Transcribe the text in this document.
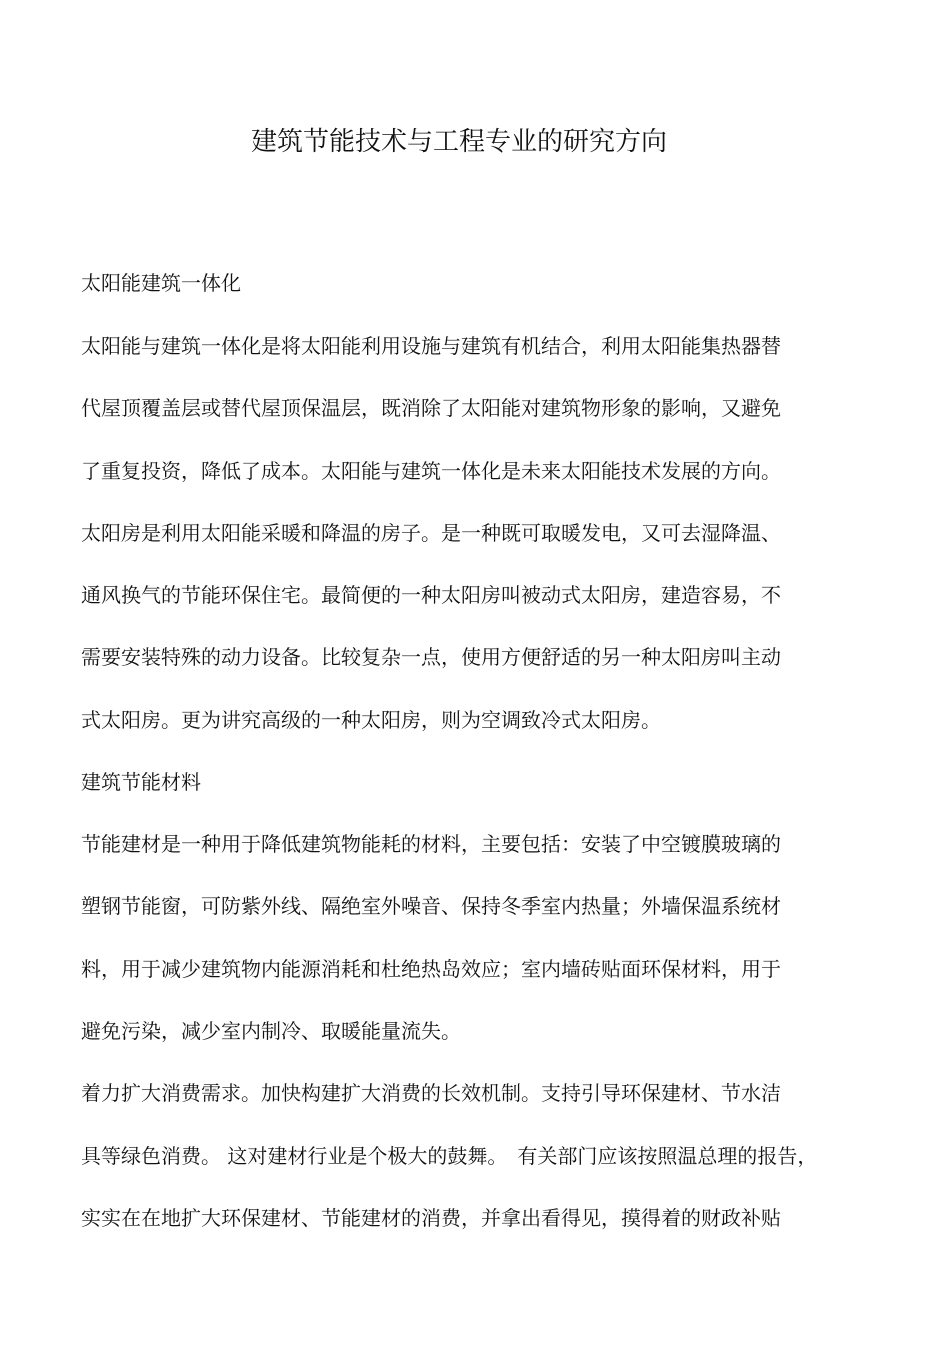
建筑节能技术与工程专业的研究方向
太阳能建筑一体化
太阳能与建筑一体化是将太阳能利用设施与建筑有机结合，利用太阳能集热器替
代屋顶覆盖层或替代屋顶保温层，既消除了太阳能对建筑物形象的影响，又避免
了重复投资，降低了成本。太阳能与建筑一体化是未来太阳能技术发展的方向。
太阳房是利用太阳能采暖和降温的房子。是一种既可取暖发电，又可去湿降温、
通风换气的节能环保住宅。最简便的一种太阳房叫被动式太阳房，建造容易，不
需要安装特殊的动力设备。比较复杂一点，使用方便舒适的另一种太阳房叫主动
式太阳房。更为讲究高级的一种太阳房，则为空调致冷式太阳房。
建筑节能材料
节能建材是一种用于降低建筑物能耗的材料，主要包括：安装了中空镀膜玻璃的
塑钢节能窗，可防紫外线、隔绝室外噪音、保持冬季室内热量；外墙保温系统材
料，用于减少建筑物内能源消耗和杜绝热岛效应；室内墙砖贴面环保材料，用于
避免污染，减少室内制冷、取暖能量流失。
着力扩大消费需求。加快构建扩大消费的长效机制。支持引导环保建材、节水洁
具等绿色消费。 这对建材行业是个极大的鼓舞。　有关部门应该按照温总理的报告，
实实在在地扩大环保建材、节能建材的消费，并拿出看得见，摸得着的财政补贴
